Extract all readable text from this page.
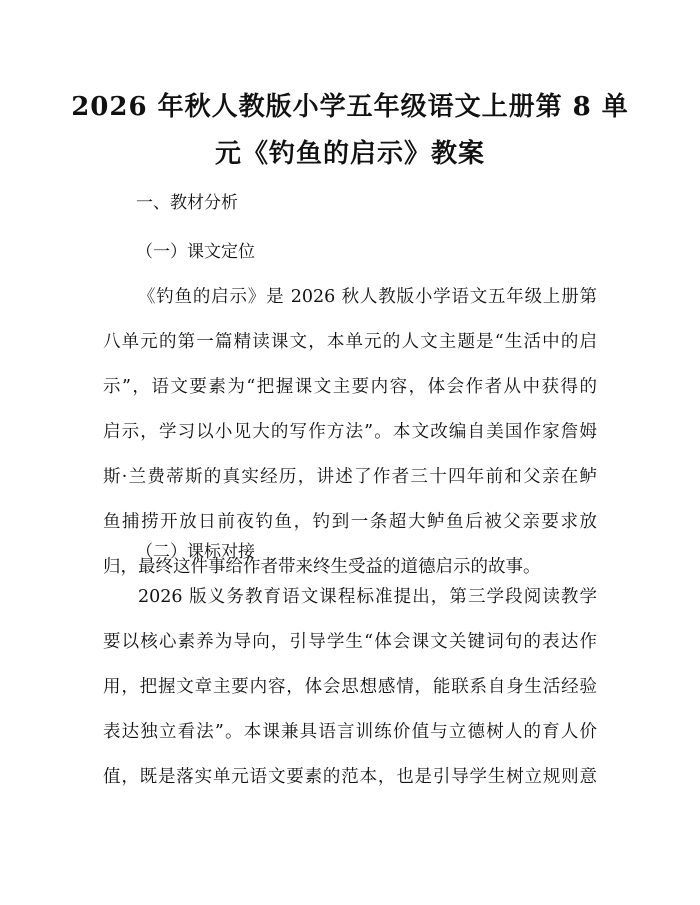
2026 年秋人教版小学五年级语文上册第 8 单
元《钓鱼的启示》教案
一、教材分析
（一）课文定位
《钓鱼的启示》是 2026 秋人教版小学语文五年级上册第
八单元的第一篇精读课文，本单元的人文主题是“生活中的启
示”，语文要素为“把握课文主要内容，体会作者从中获得的
启示，学习以小见大的写作方法”。本文改编自美国作家詹姆
斯·兰费蒂斯的真实经历，讲述了作者三十四年前和父亲在鲈
鱼捕捞开放日前夜钓鱼，钓到一条超大鲈鱼后被父亲要求放
归，最终这件事给作者带来终生受益的道德启示的故事。
（二）课标对接
2026 版义务教育语文课程标准提出，第三学段阅读教学
要以核心素养为导向，引导学生“体会课文关键词句的表达作
用，把握文章主要内容，体会思想感情，能联系自身生活经验
表达独立看法”。本课兼具语言训练价值与立德树人的育人价
值，既是落实单元语文要素的范本，也是引导学生树立规则意
